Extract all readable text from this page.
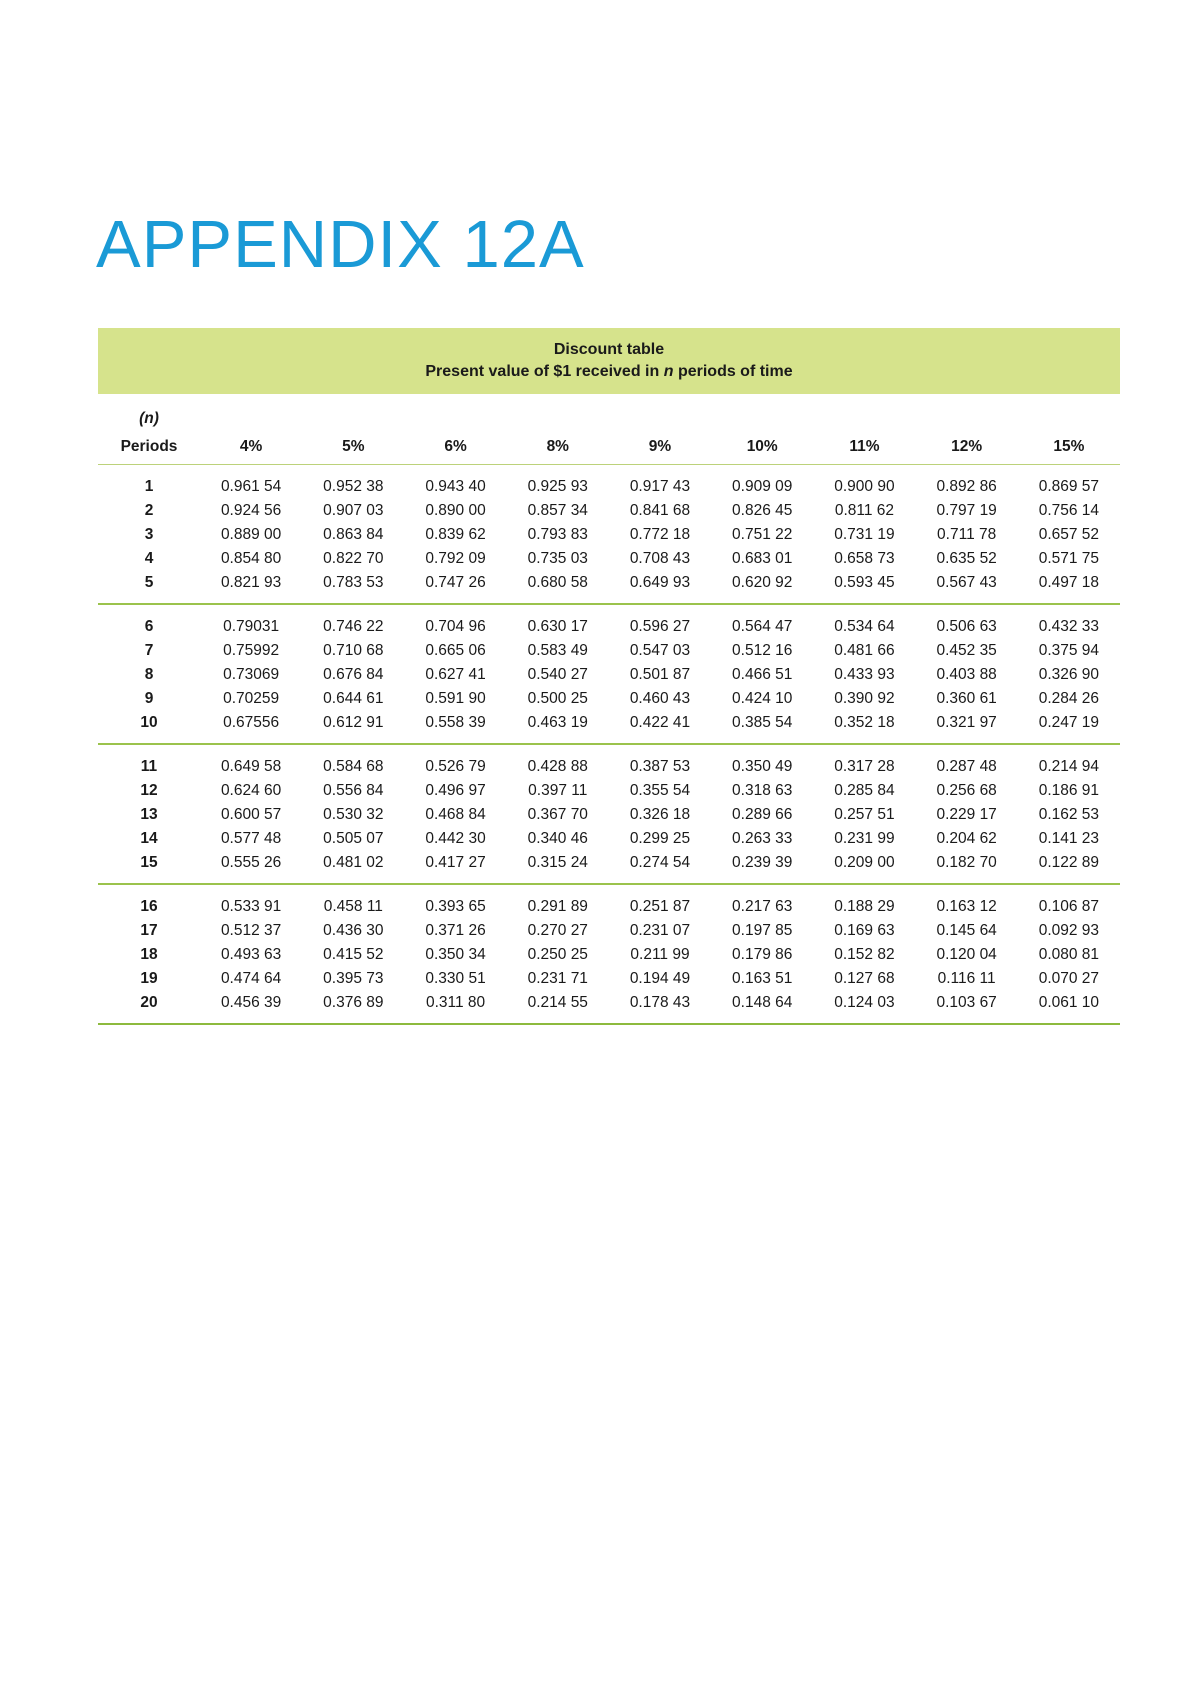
APPENDIX 12A
Discount table
Present value of $1 received in n periods of time
(n)									
Periods	4%	5%	6%	8%	9%	10%	11%	12%	15%
1	0.961 54	0.952 38	0.943 40	0.925 93	0.917 43	0.909 09	0.900 90	0.892 86	0.869 57
2	0.924 56	0.907 03	0.890 00	0.857 34	0.841 68	0.826 45	0.811 62	0.797 19	0.756 14
3	0.889 00	0.863 84	0.839 62	0.793 83	0.772 18	0.751 22	0.731 19	0.711 78	0.657 52
4	0.854 80	0.822 70	0.792 09	0.735 03	0.708 43	0.683 01	0.658 73	0.635 52	0.571 75
5	0.821 93	0.783 53	0.747 26	0.680 58	0.649 93	0.620 92	0.593 45	0.567 43	0.497 18
6	0.79031	0.746 22	0.704 96	0.630 17	0.596 27	0.564 47	0.534 64	0.506 63	0.432 33
7	0.75992	0.710 68	0.665 06	0.583 49	0.547 03	0.512 16	0.481 66	0.452 35	0.375 94
8	0.73069	0.676 84	0.627 41	0.540 27	0.501 87	0.466 51	0.433 93	0.403 88	0.326 90
9	0.70259	0.644 61	0.591 90	0.500 25	0.460 43	0.424 10	0.390 92	0.360 61	0.284 26
10	0.67556	0.612 91	0.558 39	0.463 19	0.422 41	0.385 54	0.352 18	0.321 97	0.247 19
11	0.649 58	0.584 68	0.526 79	0.428 88	0.387 53	0.350 49	0.317 28	0.287 48	0.214 94
12	0.624 60	0.556 84	0.496 97	0.397 11	0.355 54	0.318 63	0.285 84	0.256 68	0.186 91
13	0.600 57	0.530 32	0.468 84	0.367 70	0.326 18	0.289 66	0.257 51	0.229 17	0.162 53
14	0.577 48	0.505 07	0.442 30	0.340 46	0.299 25	0.263 33	0.231 99	0.204 62	0.141 23
15	0.555 26	0.481 02	0.417 27	0.315 24	0.274 54	0.239 39	0.209 00	0.182 70	0.122 89
16	0.533 91	0.458 11	0.393 65	0.291 89	0.251 87	0.217 63	0.188 29	0.163 12	0.106 87
17	0.512 37	0.436 30	0.371 26	0.270 27	0.231 07	0.197 85	0.169 63	0.145 64	0.092 93
18	0.493 63	0.415 52	0.350 34	0.250 25	0.211 99	0.179 86	0.152 82	0.120 04	0.080 81
19	0.474 64	0.395 73	0.330 51	0.231 71	0.194 49	0.163 51	0.127 68	0.116 11	0.070 27
20	0.456 39	0.376 89	0.311 80	0.214 55	0.178 43	0.148 64	0.124 03	0.103 67	0.061 10
